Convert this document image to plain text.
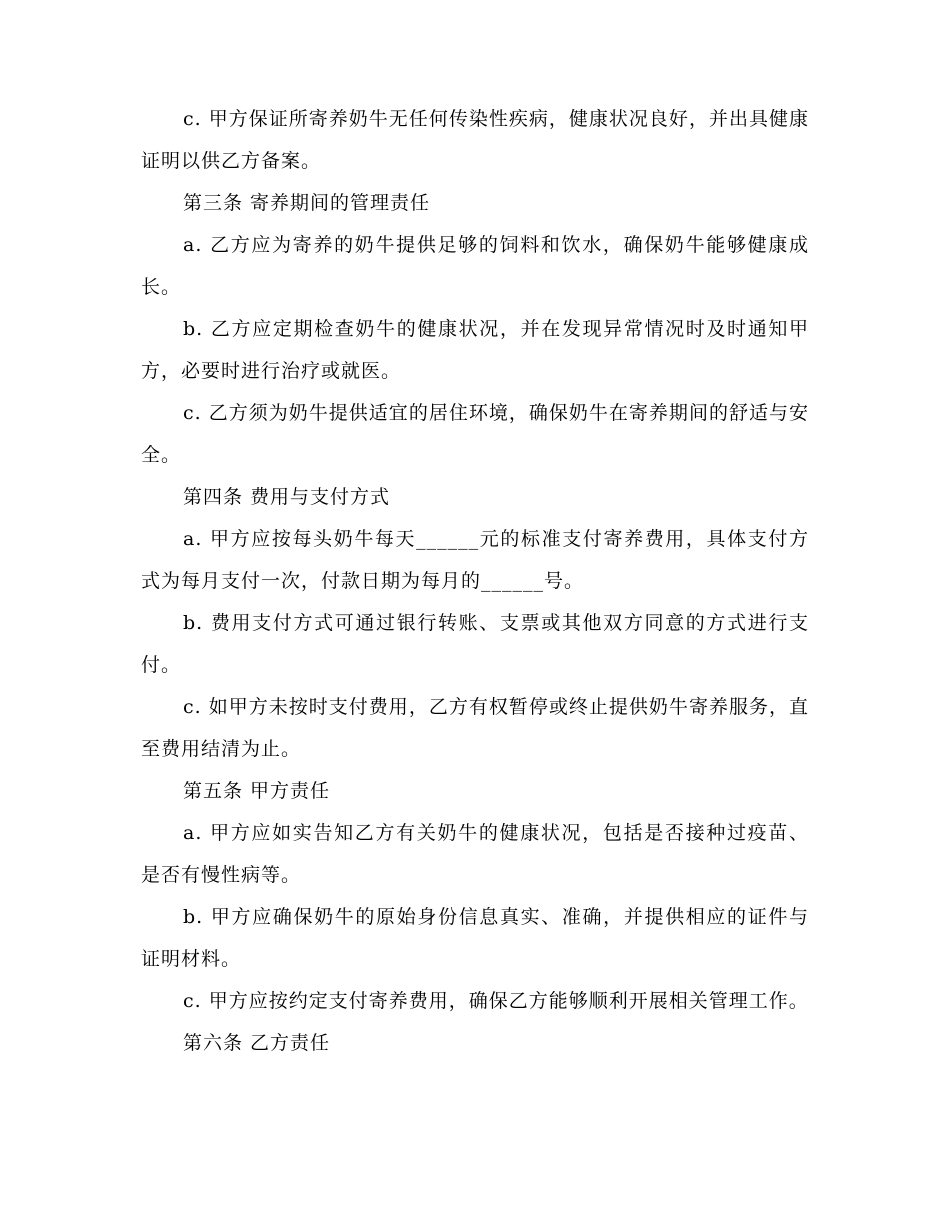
c. 甲方保证所寄养奶牛无任何传染性疾病，健康状况良好，并出具健康证明以供乙方备案。

第三条 寄养期间的管理责任

a. 乙方应为寄养的奶牛提供足够的饲料和饮水，确保奶牛能够健康成长。

b. 乙方应定期检查奶牛的健康状况，并在发现异常情况时及时通知甲方，必要时进行治疗或就医。

c. 乙方须为奶牛提供适宜的居住环境，确保奶牛在寄养期间的舒适与安全。

第四条 费用与支付方式

a. 甲方应按每头奶牛每天______元的标准支付寄养费用，具体支付方式为每月支付一次，付款日期为每月的______号。

b. 费用支付方式可通过银行转账、支票或其他双方同意的方式进行支付。

c. 如甲方未按时支付费用，乙方有权暂停或终止提供奶牛寄养服务，直至费用结清为止。

第五条 甲方责任

a. 甲方应如实告知乙方有关奶牛的健康状况，包括是否接种过疫苗、是否有慢性病等。

b. 甲方应确保奶牛的原始身份信息真实、准确，并提供相应的证件与证明材料。

c. 甲方应按约定支付寄养费用，确保乙方能够顺利开展相关管理工作。

第六条 乙方责任
